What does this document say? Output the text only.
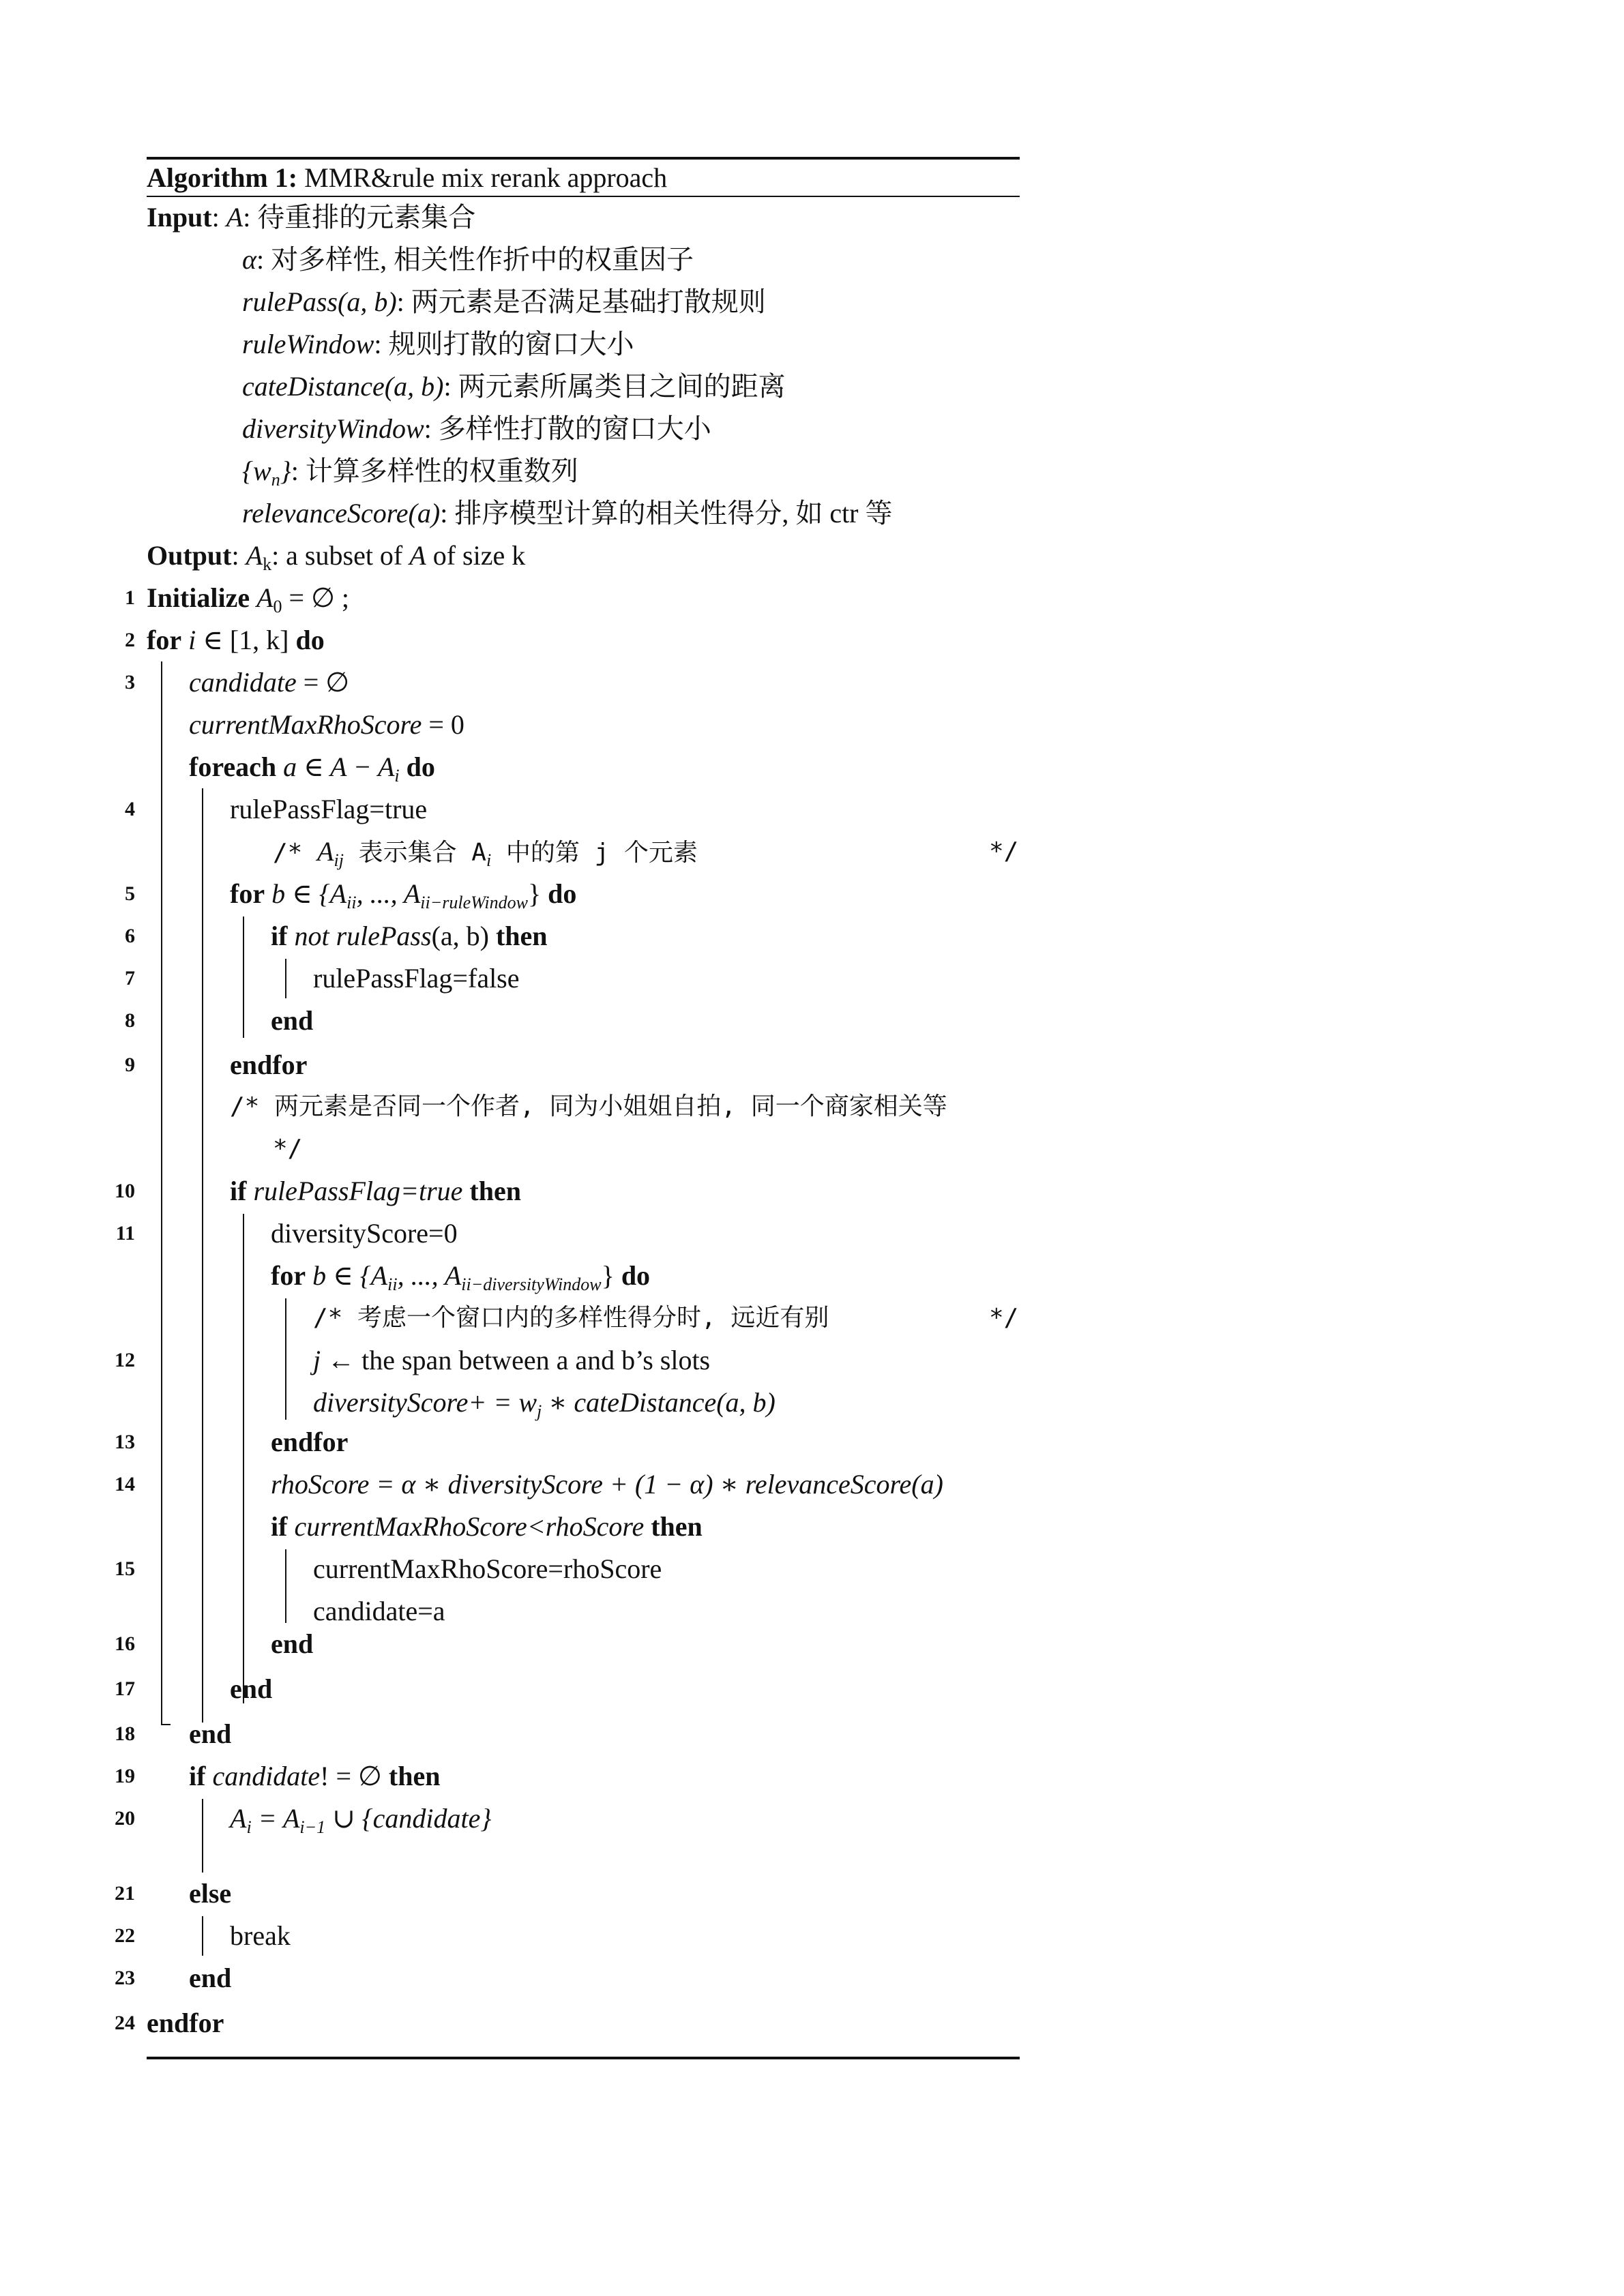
Algorithm 1: MMR&rule mix rerank approach
Input: A: 待重排的元素集合
α: 对多样性, 相关性作折中的权重因子
rulePass(a, b): 两元素是否满足基础打散规则
ruleWindow: 规则打散的窗口大小
cateDistance(a, b): 两元素所属类目之间的距离
diversityWindow: 多样性打散的窗口大小
$\{w_n\}$: 计算多样性的权重数列
relevanceScore(a): 排序模型计算的相关性得分, 如 ctr 等
Output: $A_k$: a subset of A of size k
1
2
3
4
5
6
7
8
9
10
11
12
13
14
15
16
17
18
19
20
21
22
23
24
Initialize $A_0$ = ∅ ;
for i ∈ [1, k] do
candidate = ∅
currentMaxRhoScore = 0
foreach a ∈ $A - A_i$ do
rulePassFlag=true
/* $A_{ij}$ 表示集合 $A_i$ 中的第 j 个元素	*/
for b ∈ {$A_{ii}$, ..., $A_{ii-ruleWindow}$} do
if not rulePass(a, b) then
rulePassFlag=false
end
endfor
/* 两元素是否同一个作者, 同为小姐姐自拍, 同一个商家相关等
*/
if rulePassFlag=true then
diversityScore=0
for b ∈ {$A_{ii}$, ..., $A_{ii-diversityWindow}$} do
/* 考虑一个窗口内的多样性得分时, 远近有别	*/
j ← the span between a and b’s slots
diversityScore+ = $w_j$ ∗ cateDistance(a, b)
endfor
rhoScore = α ∗ diversityScore + (1 − α) ∗ relevanceScore(a)
if currentMaxRhoScore<rhoScore then
currentMaxRhoScore=rhoScore
candidate=a
end
end
end
if candidate! = ∅ then
$A_i = A_{i-1}$ ∪ {candidate}
else
break
end
endfor
